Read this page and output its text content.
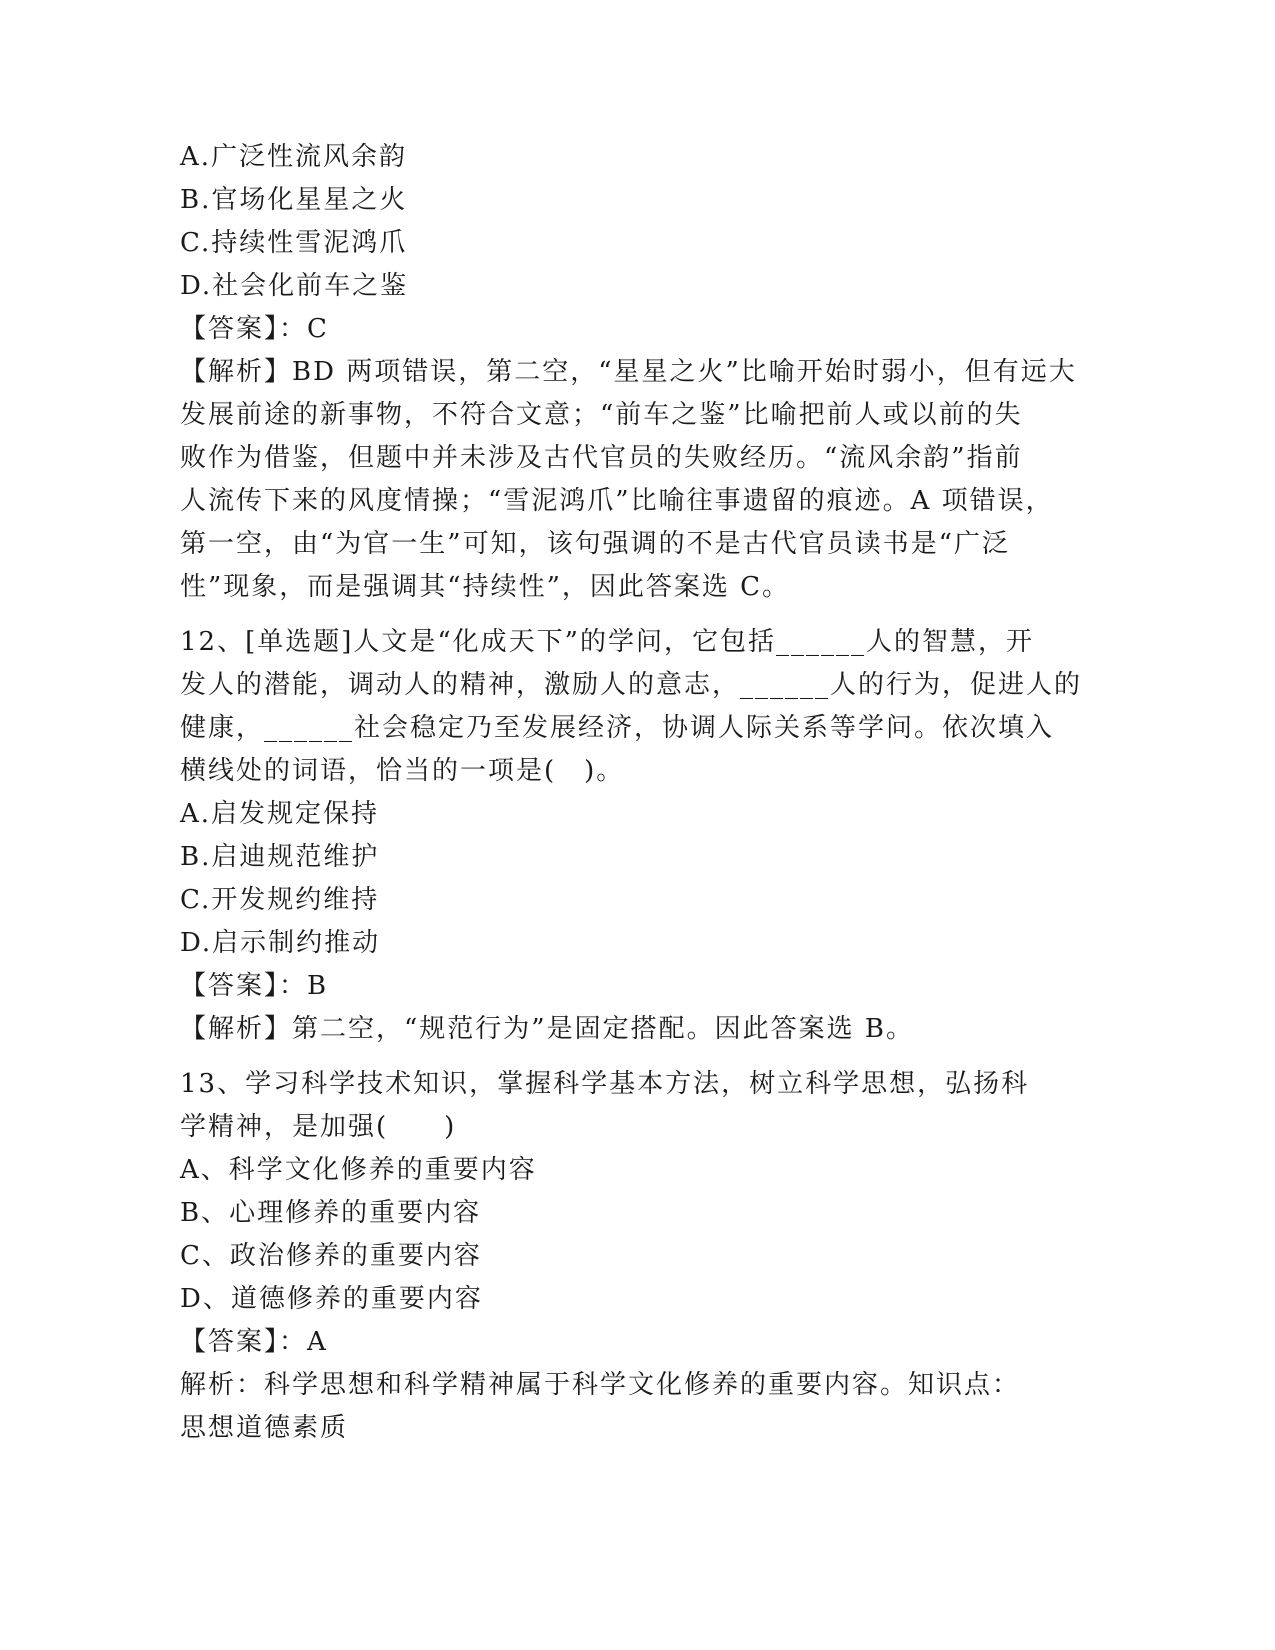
A.广泛性流风余韵
B.官场化星星之火
C.持续性雪泥鸿爪
D.社会化前车之鉴
【答案】：C
【解析】BD 两项错误，第二空，“星星之火”比喻开始时弱小，但有远大
发展前途的新事物，不符合文意；“前车之鉴”比喻把前人或以前的失
败作为借鉴，但题中并未涉及古代官员的失败经历。“流风余韵”指前
人流传下来的风度情操；“雪泥鸿爪”比喻往事遗留的痕迹。A 项错误，
第一空，由“为官一生”可知，该句强调的不是古代官员读书是“广泛
性”现象，而是强调其“持续性”，因此答案选 C。
12、[单选题]人文是“化成天下”的学问，它包括______人的智慧，开
发人的潜能，调动人的精神，激励人的意志，______人的行为，促进人的
健康，______社会稳定乃至发展经济，协调人际关系等学问。依次填入
横线处的词语，恰当的一项是(　)。
A.启发规定保持
B.启迪规范维护
C.开发规约维持
D.启示制约推动
【答案】：B
【解析】第二空，“规范行为”是固定搭配。因此答案选 B。
13、学习科学技术知识，掌握科学基本方法，树立科学思想，弘扬科
学精神，是加强(　　)
A、科学文化修养的重要内容
B、心理修养的重要内容
C、政治修养的重要内容
D、道德修养的重要内容
【答案】：A
解析：科学思想和科学精神属于科学文化修养的重要内容。知识点：
思想道德素质
